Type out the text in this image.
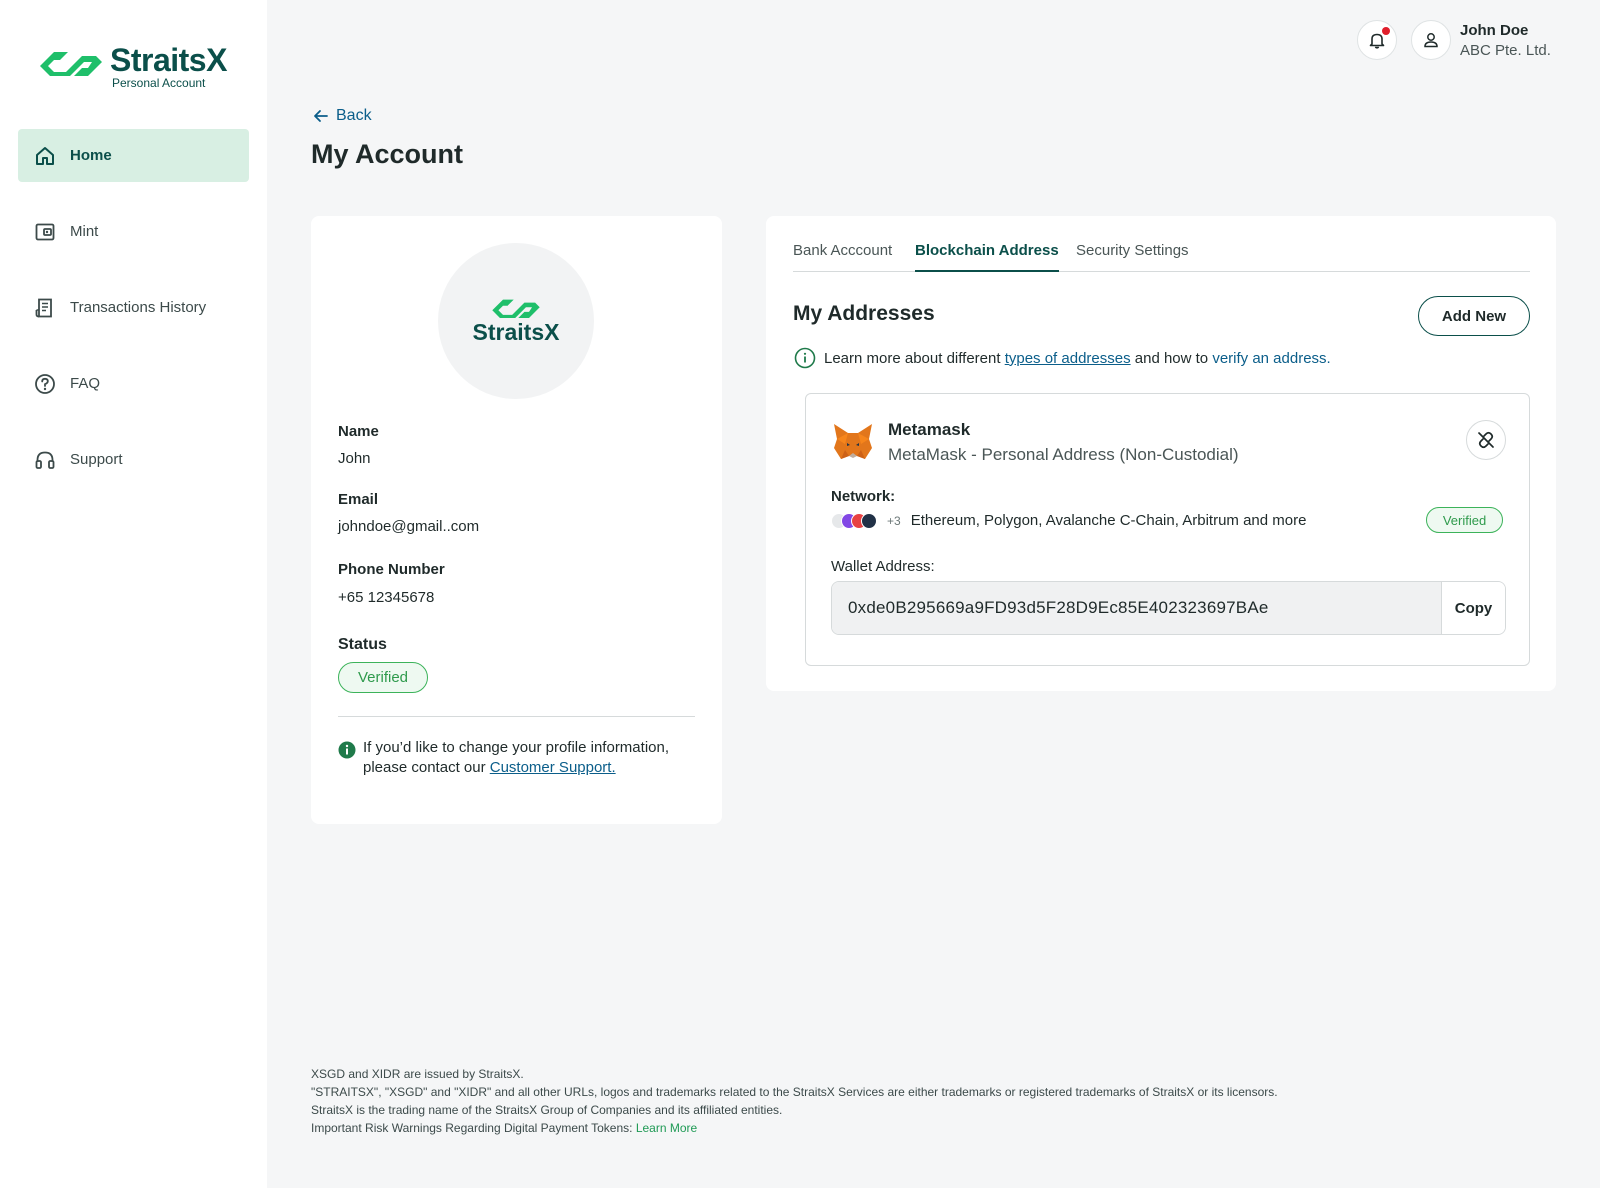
StraitsX
Personal Account
Home
Mint
Transactions History
FAQ
Support
John Doe
ABC Pte. Ltd.
Back
My Account
StraitsX
Name
John
Email
johndoe@gmail..com
Phone Number
+65 12345678
Status
Verified

If you’d like to change your profile information, please contact our Customer Support.

Bank Acccount Blockchain Address Security Settings
My Addresses	Add New
Learn more about different types of addresses and how to verify an address.
Metamask
MetaMask - Personal Address (Non-Custodial)
Network:
+3 Ethereum, Polygon, Avalanche C-Chain, Arbitrum and more	Verified
Wallet Address:
0xde0B295669a9FD93d5F28D9Ec85E402323697BAe	Copy
XSGD and XIDR are issued by StraitsX.
"STRAITSX", "XSGD" and "XIDR" and all other URLs, logos and trademarks related to the StraitsX Services are either trademarks or registered trademarks of StraitsX or its licensors.
StraitsX is the trading name of the StraitsX Group of Companies and its affiliated entities.
Important Risk Warnings Regarding Digital Payment Tokens: Learn More
